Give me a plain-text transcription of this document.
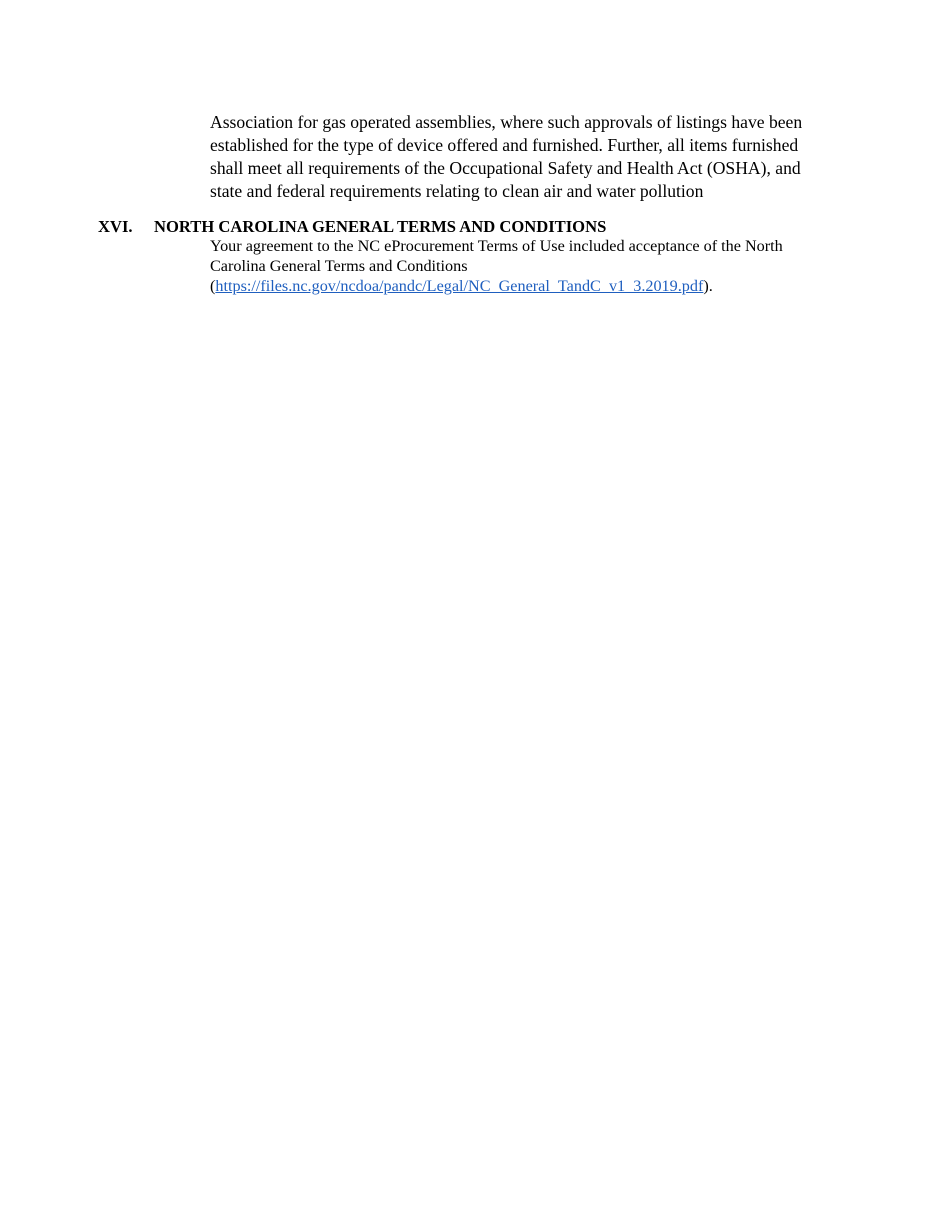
Association for gas operated assemblies, where such approvals of listings have been
established for the type of device offered and furnished. Further, all items furnished
shall meet all requirements of the Occupational Safety and Health Act (OSHA), and
state and federal requirements relating to clean air and water pollution
XVI. NORTH CAROLINA GENERAL TERMS AND CONDITIONS
Your agreement to the NC eProcurement Terms of Use included acceptance of the North
Carolina General Terms and Conditions
(https://files.nc.gov/ncdoa/pandc/Legal/NC_General_TandC_v1_3.2019.pdf).
